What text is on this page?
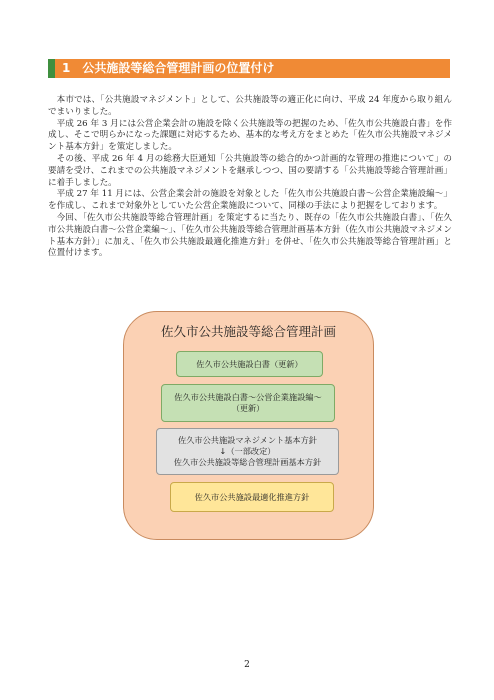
1　公共施設等総合管理計画の位置付け

本市では、「公共施設マネジメント」として、公共施設等の適正化に向け、平成 24 年度から取り組んでまいりました。

平成 26 年 3 月には公営企業会計の施設を除く公共施設等の把握のため、「佐久市公共施設白書」を作成し、そこで明らかになった課題に対応するため、基本的な考え方をまとめた「佐久市公共施設マネジメント基本方針」を策定しました。

その後、平成 26 年 4 月の総務大臣通知「公共施設等の総合的かつ計画的な管理の推進について」の要請を受け、これまでの公共施設マネジメントを継承しつつ、国の要請する「公共施設等総合管理計画」に着手しました。

平成 27 年 11 月には、公営企業会計の施設を対象とした「佐久市公共施設白書～公営企業施設編～」を作成し、これまで対象外としていた公営企業施設について、同様の手法により把握をしております。

今回、「佐久市公共施設等総合管理計画」を策定するに当たり、既存の「佐久市公共施設白書」、「佐久市公共施設白書～公営企業編～」、「佐久市公共施設等総合管理計画基本方針（佐久市公共施設マネジメント基本方針）」に加え、「佐久市公共施設最適化推進方針」を併せ、「佐久市公共施設等総合管理計画」と位置付けます。

佐久市公共施設等総合管理計画
佐久市公共施設白書（更新）
佐久市公共施設白書～公営企業施設編～
（更新）
佐久市公共施設マネジメント基本方針
↓（一部改定）
佐久市公共施設等総合管理計画基本方針
佐久市公共施設最適化推進方針
2
